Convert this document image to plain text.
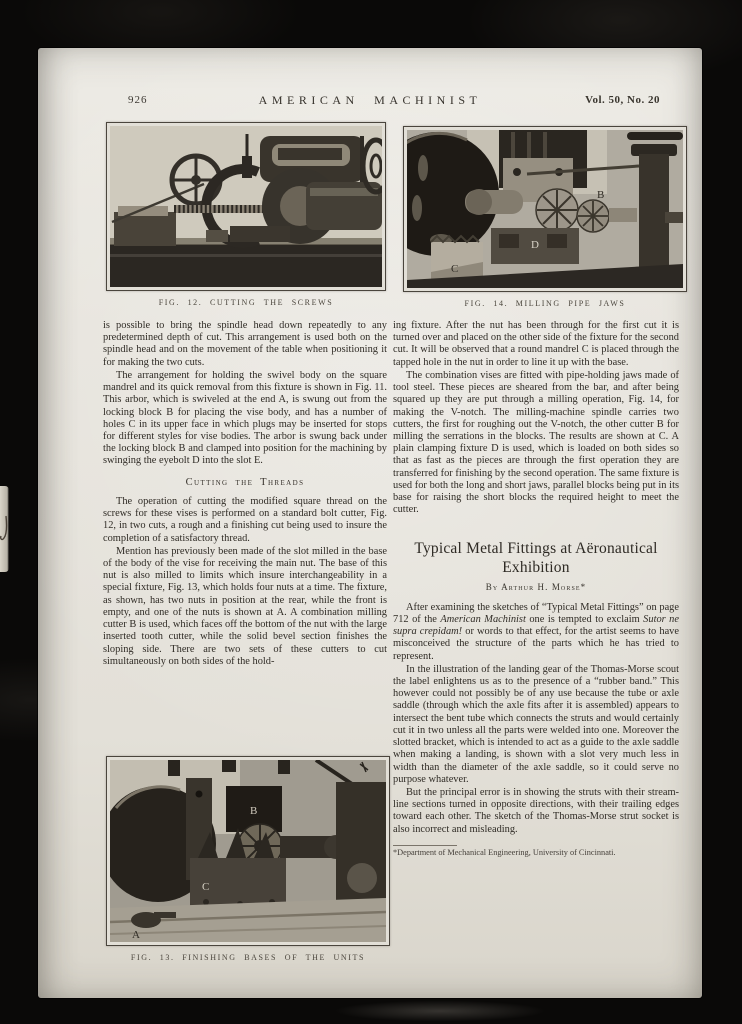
926	AMERICAN MACHINIST	Vol. 50, No. 20
FIG. 12. CUTTING THE SCREWS
B
C
D
FIG. 14. MILLING PIPE JAWS

is possible to bring the spindle head down repeatedly to any predetermined depth of cut. This arrangement is used both on the spindle head and on the movement of the table when positioning it for making the two cuts.

The arrangement for holding the swivel body on the square mandrel and its quick removal from this fixture is shown in Fig. 11. This arbor, which is swiveled at the end A, is swung out from the locking block B for placing the vise body, and has a number of holes C in its upper face in which plugs may be inserted for stops for different styles for vise bodies. The arbor is swung back under the locking block B and clamped into position for the machining by swinging the eyebolt D into the slot E.

Cutting the Threads

The operation of cutting the modified square thread on the screws for these vises is performed on a standard bolt cutter, Fig. 12, in two cuts, a rough and a finishing cut being used to insure the completion of a satisfactory thread.

Mention has previously been made of the slot milled in the base of the body of the vise for receiving the main nut. The base of this nut is also milled to limits which insure interchangeability in a special fixture, Fig. 13, which holds four nuts at a time. The fixture, as shown, has two nuts in position at the rear, while the front is empty, and one of the nuts is shown at A. A combination milling cutter B is used, which faces off the bottom of the nut with the large inserted tooth cutter, while the solid bevel section finishes the sloping side. There are two sets of these cutters to cut simultaneously on both sides of the hold-

A
B
C
FIG. 13. FINISHING BASES OF THE UNITS

ing fixture. After the nut has been through for the first cut it is turned over and placed on the other side of the fixture for the second cut. It will be observed that a round mandrel C is placed through the tapped hole in the nut in order to line it up with the base.

The combination vises are fitted with pipe-holding jaws made of tool steel. These pieces are sheared from the bar, and after being squared up they are put through a milling operation, Fig. 14, for making the V-notch. The milling-machine spindle carries two cutters, the first for roughing out the V-notch, the other cutter B for milling the serrations in the blocks. The results are shown at C. A plain clamping fixture D is used, which is loaded on both sides so that as fast as the pieces are through the first operation they are transferred for finishing by the second operation. The same fixture is used for both the long and short jaws, parallel blocks being put in its base for raising the short blocks the required height to meet the cutter.

Typical Metal Fittings at Aëronautical Exhibition
By Arthur H. Morse*

After examining the sketches of “Typical Metal Fittings” on page 712 of the American Machinist one is tempted to exclaim Sutor ne supra crepidam! or words to that effect, for the artist seems to have misconceived the structure of the parts which he has tried to represent.

In the illustration of the landing gear of the Thomas-Morse scout the label enlightens us as to the presence of a “rubber band.” This however could not possibly be of any use because the tube or axle saddle (through which the axle fits after it is assembled) appears to intersect the bent tube which connects the struts and would certainly cut it in two unless all the parts were welded into one. Moreover the slotted bracket, which is intended to act as a guide to the axle saddle when making a landing, is shown with a slot very much less in width than the diameter of the axle saddle, so it could serve no purpose whatever.

But the principal error is in showing the struts with their stream-line sections turned in opposite directions, with their trailing edges toward each other. The sketch of the Thomas-Morse strut socket is also incorrect and misleading.

*Department of Mechanical Engineering, University of Cincinnati.
